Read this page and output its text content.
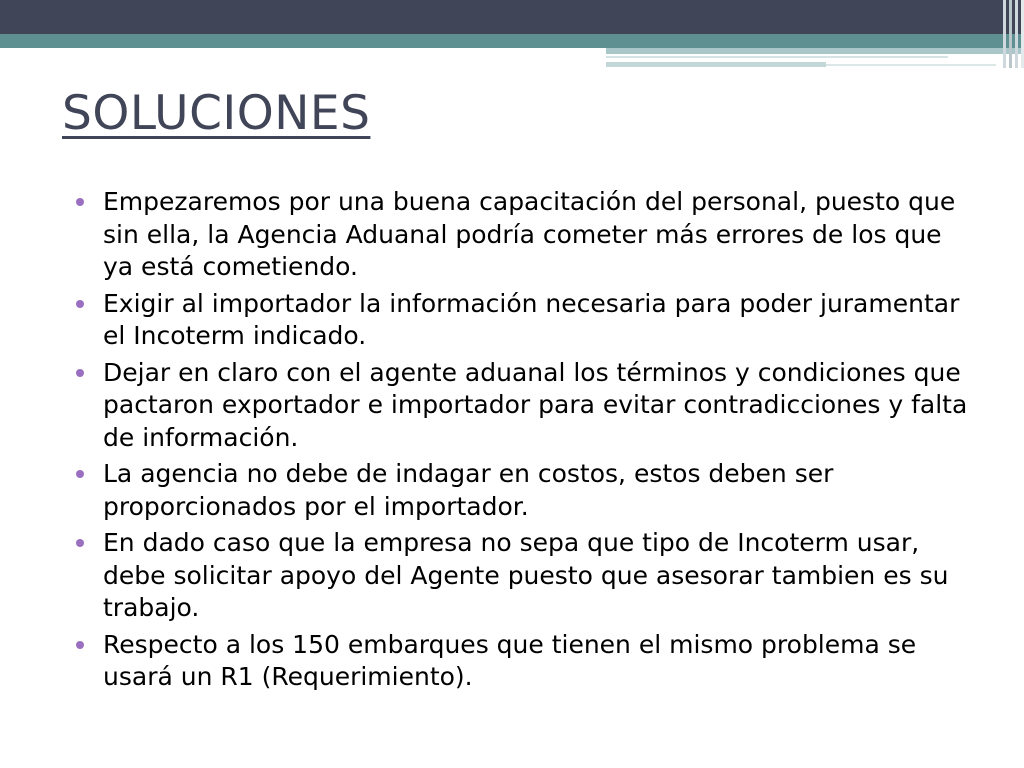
SOLUCIONES
Empezaremos por una buena capacitación del personal, puesto que sin ella, la Agencia Aduanal podría cometer más errores de los que ya está cometiendo.
Exigir al importador la información necesaria para poder juramentar el Incoterm indicado.
Dejar en claro con el agente aduanal los términos y condiciones que pactaron exportador e importador para evitar contradicciones y falta de información.
La agencia no debe de indagar en costos, estos deben ser proporcionados por el importador.
En dado caso que la empresa no sepa que tipo de Incoterm usar, debe solicitar apoyo del Agente puesto que asesorar tambien es su trabajo.
Respecto a los 150 embarques que tienen el mismo problema se usará un R1 (Requerimiento).
